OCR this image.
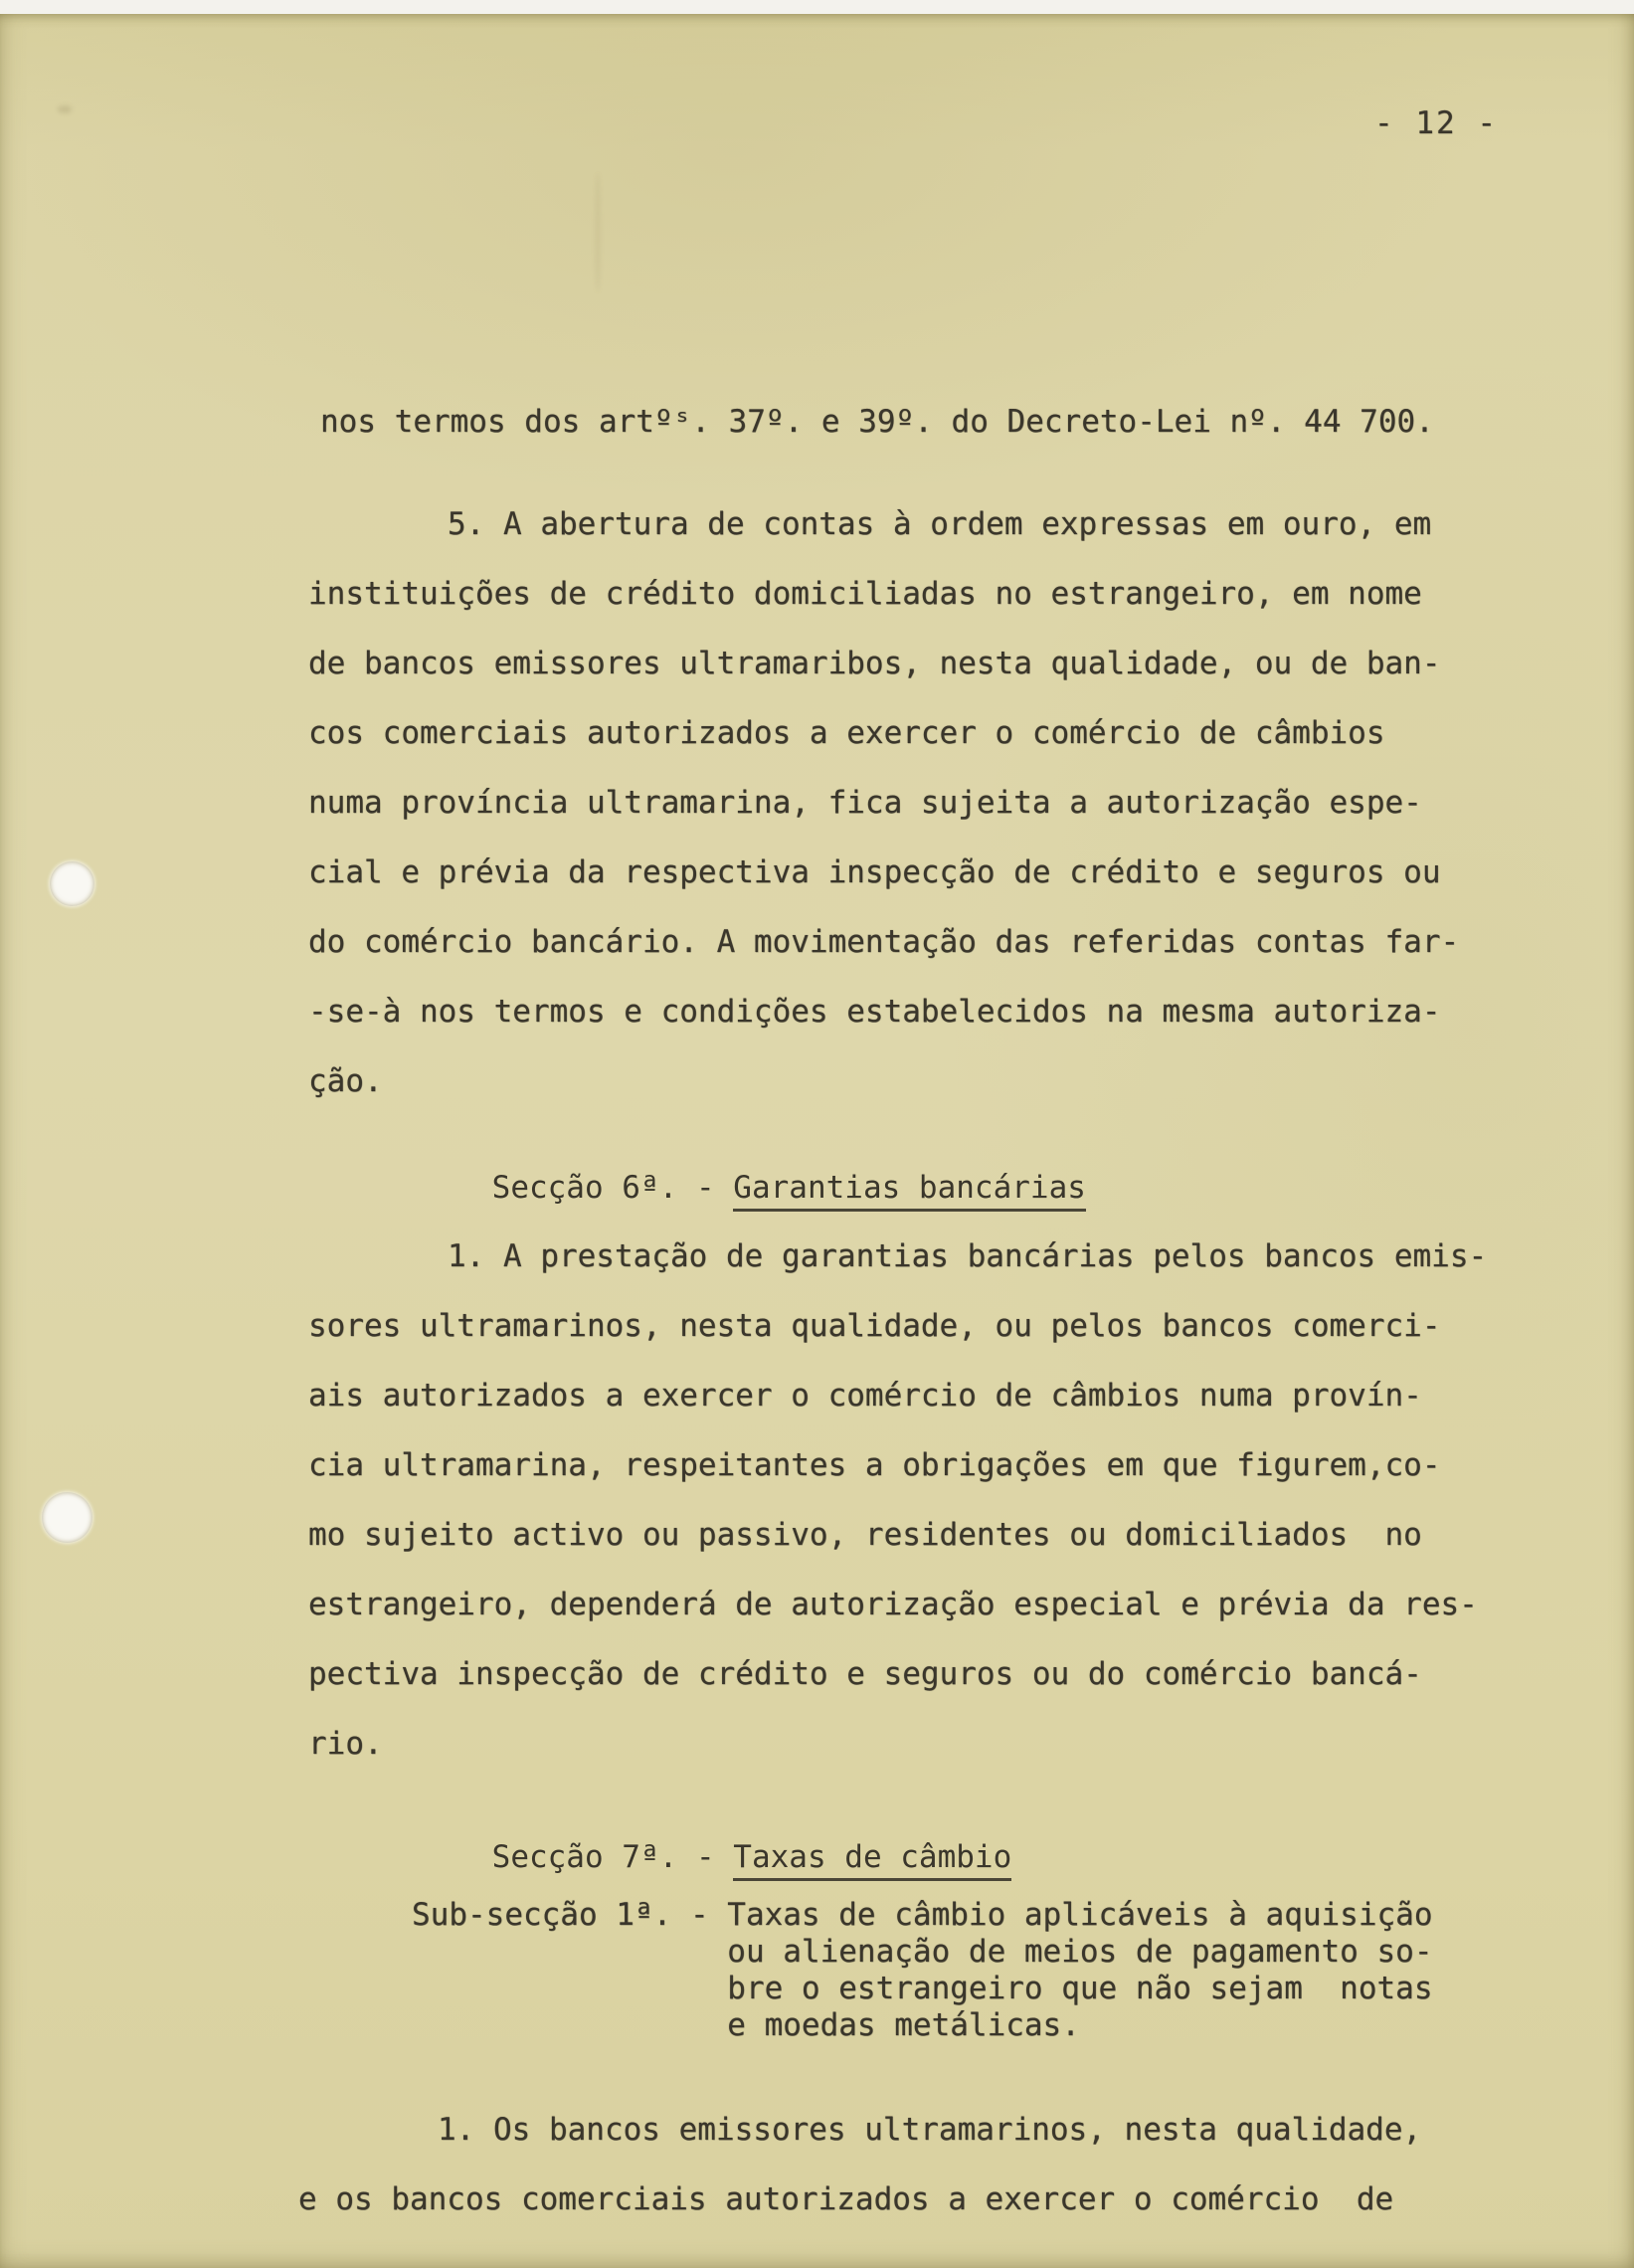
- 12 -
nos termos dos artºˢ. 37º. e 39º. do Decreto-Lei nº. 44 700.
5. A abertura de contas à ordem expressas em ouro, em
instituições de crédito domiciliadas no estrangeiro, em nome
de bancos emissores ultramaribos, nesta qualidade, ou de ban-
cos comerciais autorizados a exercer o comércio de câmbios
numa província ultramarina, fica sujeita a autorização espe-
cial e prévia da respectiva inspecção de crédito e seguros ou
do comércio bancário. A movimentação das referidas contas far-
-se-à nos termos e condições estabelecidos na mesma autoriza-
ção.

Secção 6ª. - Garantias bancárias

1. A prestação de garantias bancárias pelos bancos emis-
sores ultramarinos, nesta qualidade, ou pelos bancos comerci-
ais autorizados a exercer o comércio de câmbios numa provín-
cia ultramarina, respeitantes a obrigações em que figurem,co-
mo sujeito activo ou passivo, residentes ou domiciliados  no
estrangeiro, dependerá de autorização especial e prévia da res-
pectiva inspecção de crédito e seguros ou do comércio bancá-
rio.

Secção 7ª. - Taxas de câmbio

Sub-secção 1ª. - Taxas de câmbio aplicáveis à aquisição
ou alienação de meios de pagamento so-
bre o estrangeiro que não sejam  notas
e moedas metálicas.
1. Os bancos emissores ultramarinos, nesta qualidade,
e os bancos comerciais autorizados a exercer o comércio  de
